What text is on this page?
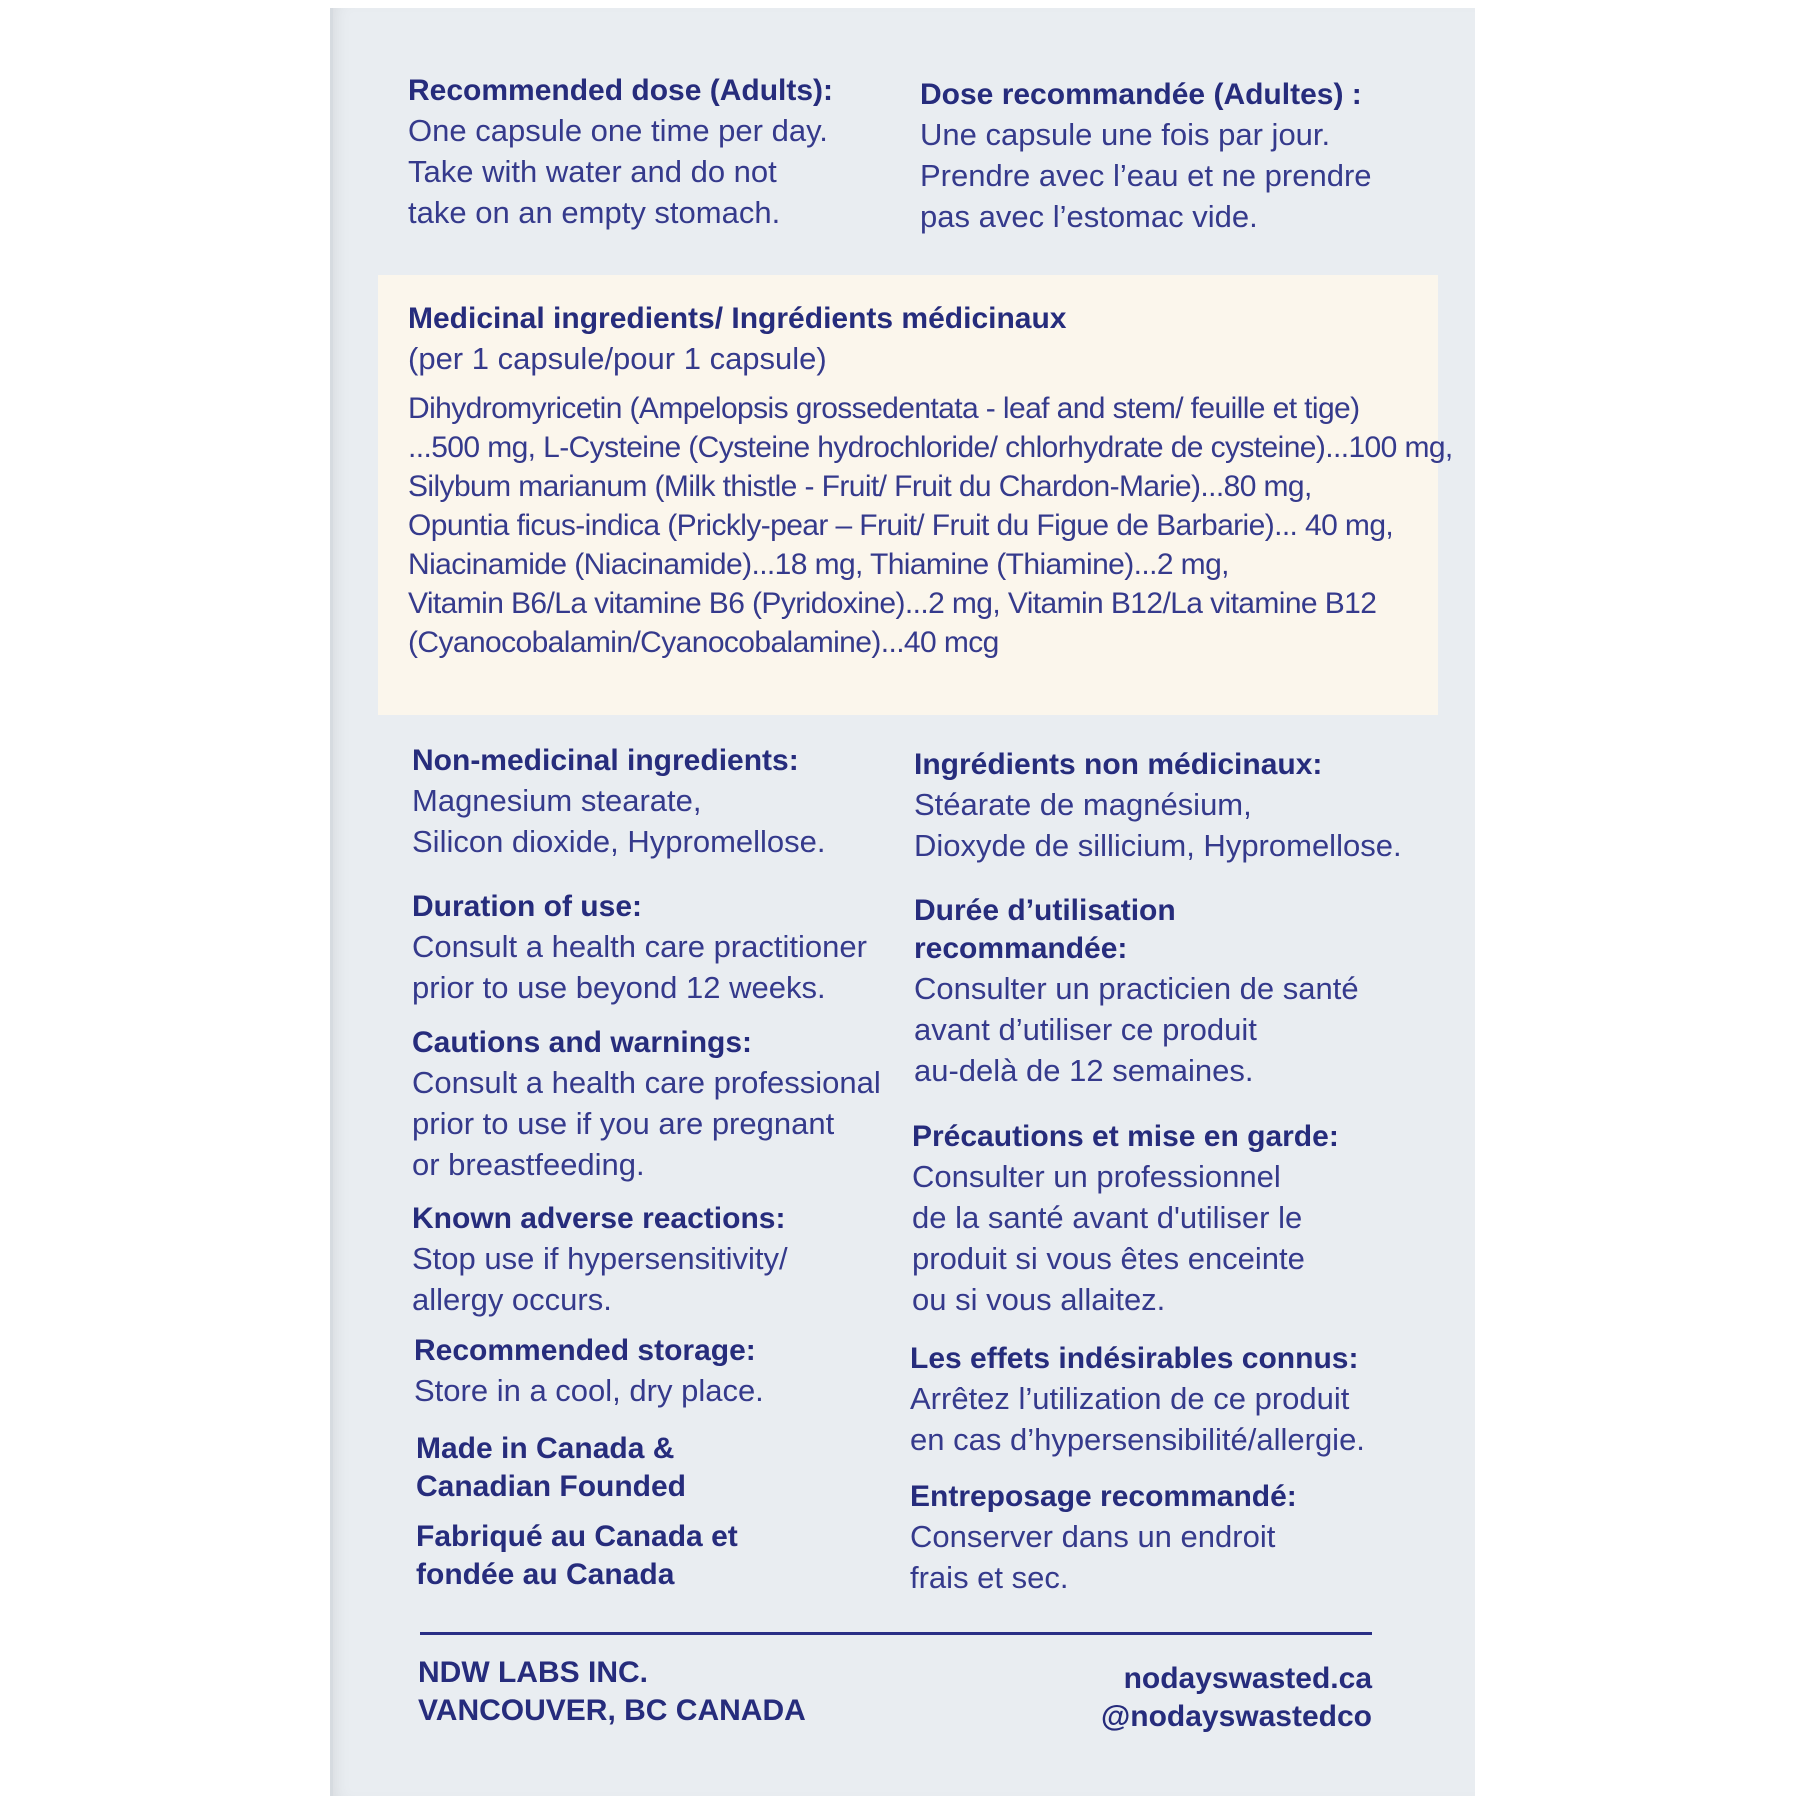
Recommended dose (Adults):
One capsule one time per day.
Take with water and do not
take on an empty stomach.
Dose recommandée (Adultes) :
Une capsule une fois par jour.
Prendre avec l’eau et ne prendre
pas avec l’estomac vide.
Medicinal ingredients/ Ingrédients médicinaux
(per 1 capsule/pour 1 capsule)
Dihydromyricetin (Ampelopsis grossedentata - leaf and stem/ feuille et tige)
...500 mg, L-Cysteine (Cysteine hydrochloride/ chlorhydrate de cysteine)...100 mg,
Silybum marianum (Milk thistle - Fruit/ Fruit du Chardon-Marie)...80 mg,
Opuntia ficus-indica (Prickly-pear – Fruit/ Fruit du Figue de Barbarie)... 40 mg,
Niacinamide (Niacinamide)...18 mg, Thiamine (Thiamine)...2 mg,
Vitamin B6/La vitamine B6 (Pyridoxine)...2 mg, Vitamin B12/La vitamine B12
(Cyanocobalamin/Cyanocobalamine)...40 mcg
Non-medicinal ingredients:
Magnesium stearate,
Silicon dioxide, Hypromellose.
Duration of use:
Consult a health care practitioner
prior to use beyond 12 weeks.
Cautions and warnings:
Consult a health care professional
prior to use if you are pregnant
or breastfeeding.
Known adverse reactions:
Stop use if hypersensitivity/
allergy occurs.
Recommended storage:
Store in a cool, dry place.
Made in Canada &
Canadian Founded
Fabriqué au Canada et
fondée au Canada
Ingrédients non médicinaux:
Stéarate de magnésium,
Dioxyde de sillicium, Hypromellose.
Durée d’utilisation
recommandée:
Consulter un practicien de santé
avant d’utiliser ce produit
au-delà de 12 semaines.
Précautions et mise en garde:
Consulter un professionnel
de la santé avant d'utiliser le
produit si vous êtes enceinte
ou si vous allaitez.
Les effets indésirables connus:
Arrêtez l’utilization de ce produit
en cas d’hypersensibilité/allergie.
Entreposage recommandé:
Conserver dans un endroit
frais et sec.
NDW LABS INC.
VANCOUVER, BC CANADA
nodayswasted.ca
@nodayswastedco
